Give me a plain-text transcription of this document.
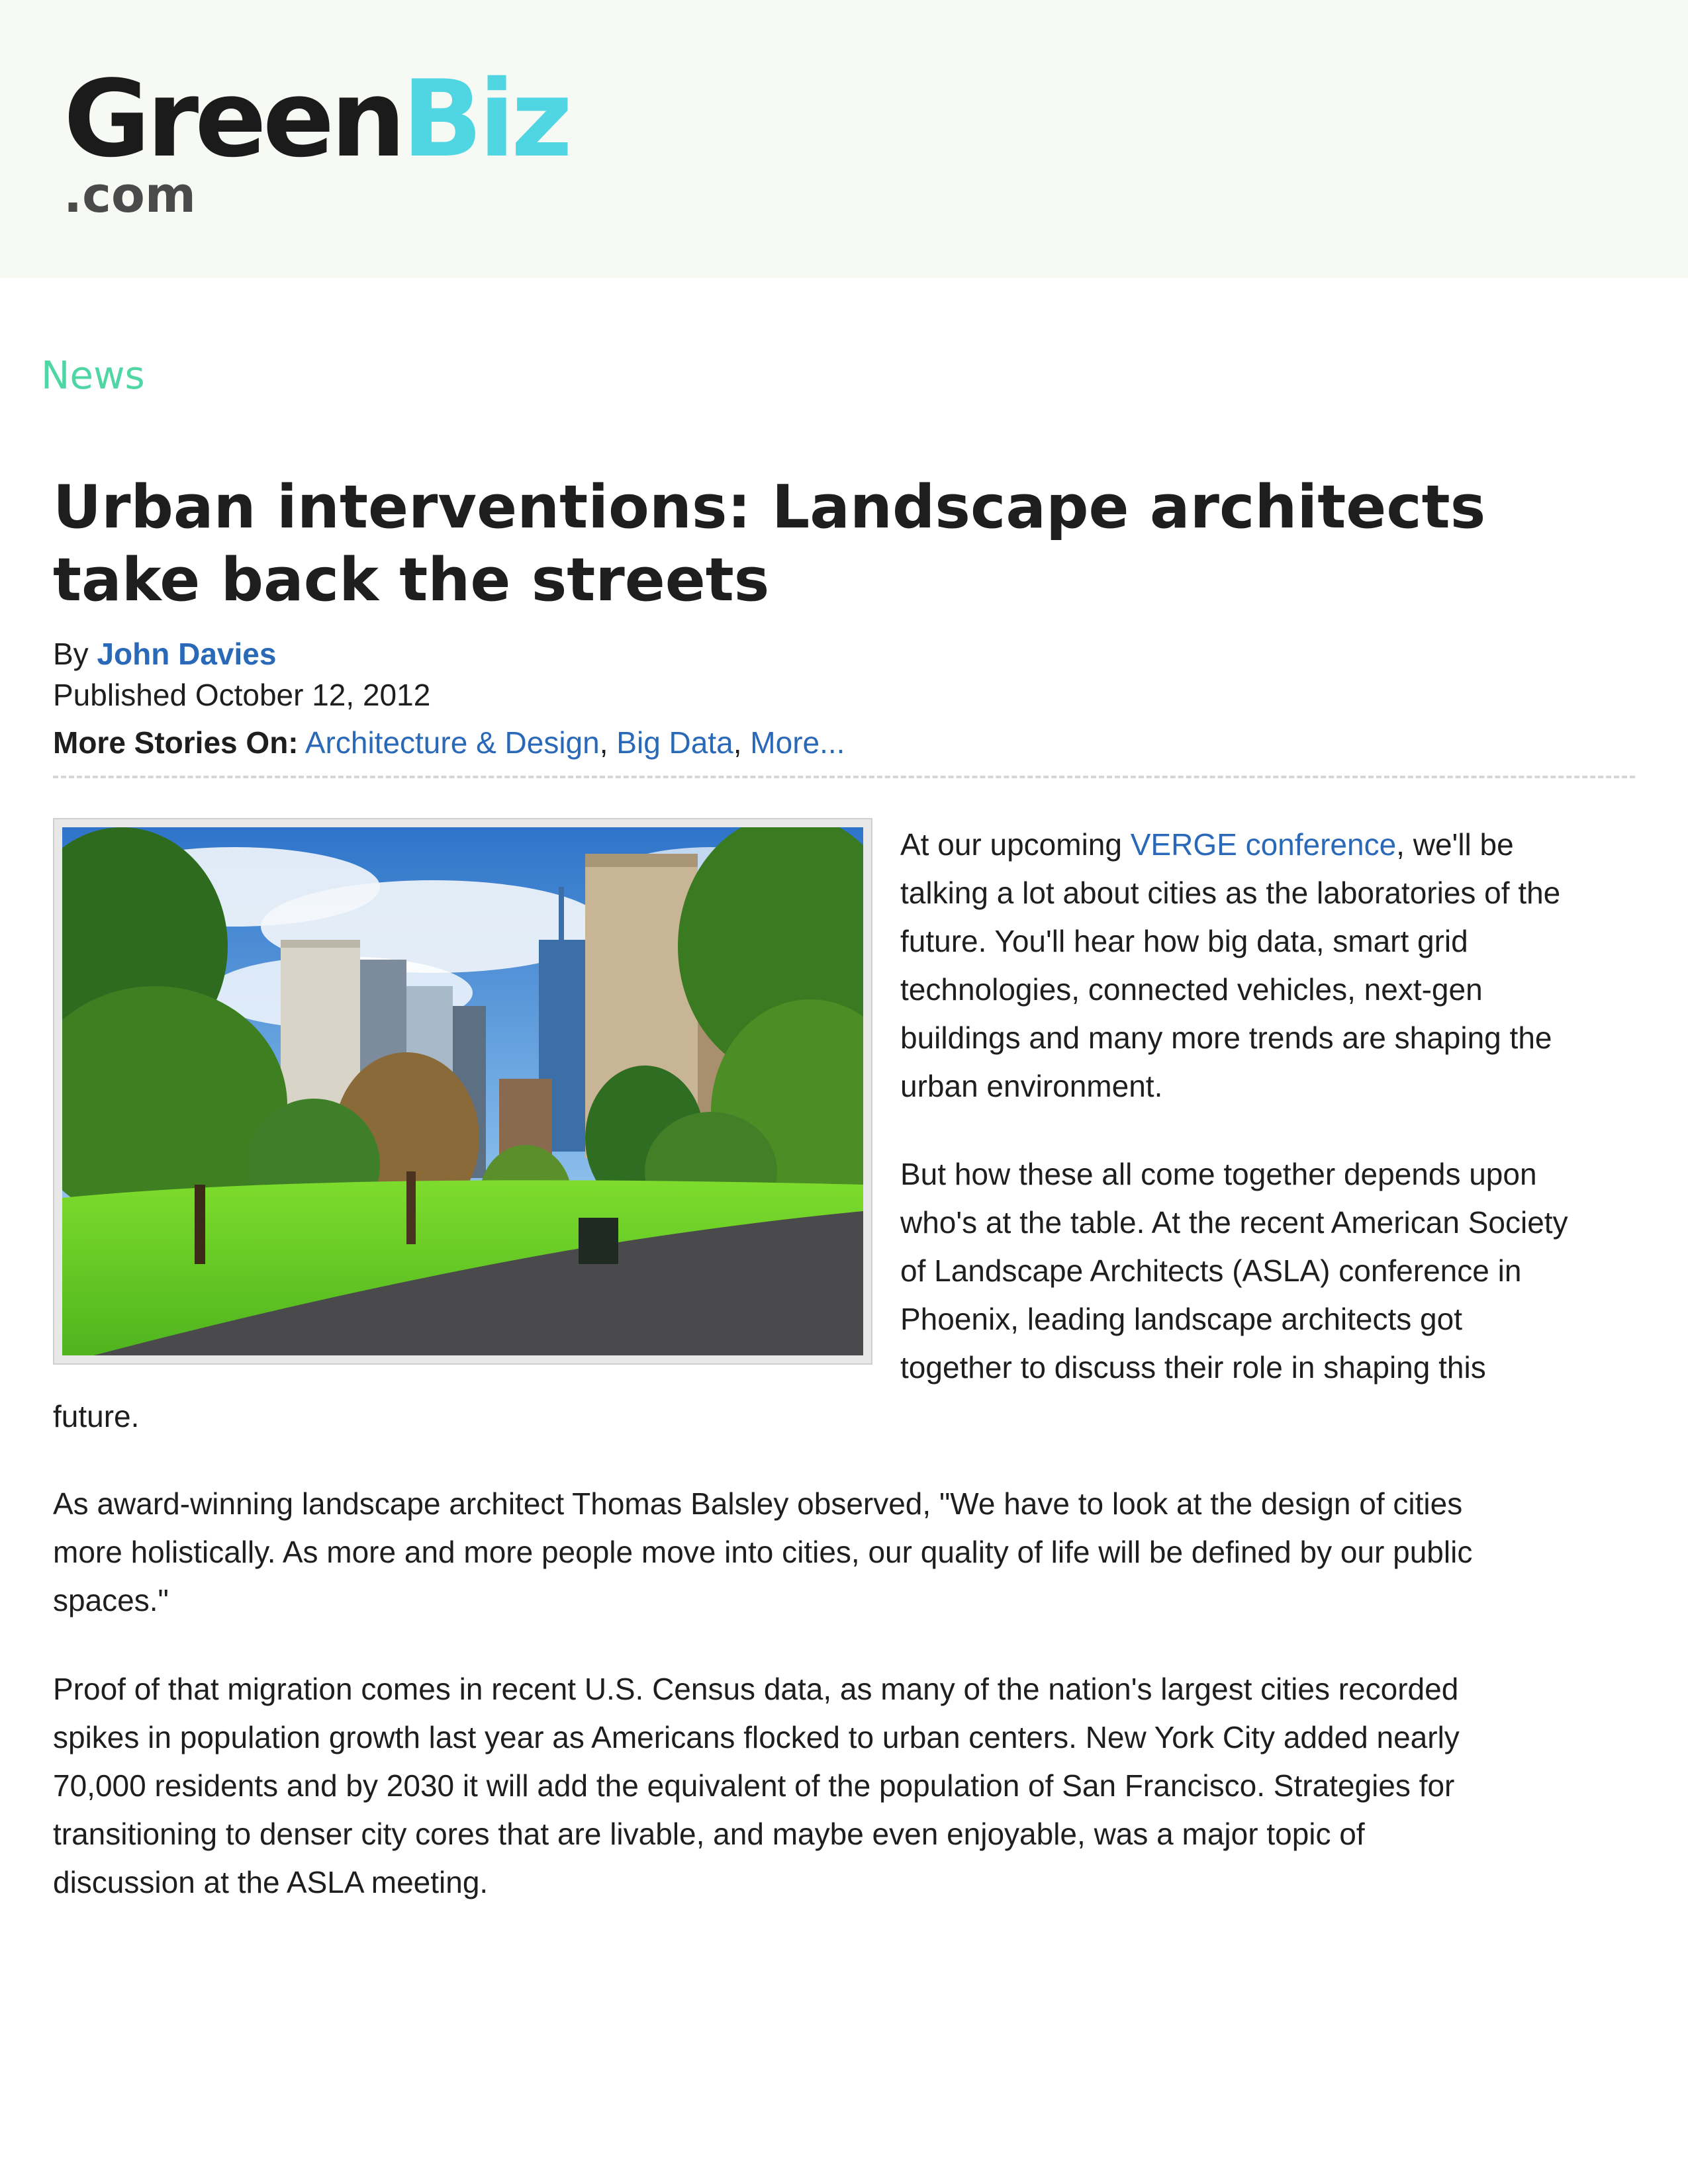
GreenBiz
.com
News
Urban interventions: Landscape architects take back the streets
By John Davies
Published October 12, 2012
More Stories On: Architecture & Design, Big Data, More...
At our upcoming VERGE conference, we'll be
talking a lot about cities as the laboratories of the
future. You'll hear how big data, smart grid
technologies, connected vehicles, next-gen
buildings and many more trends are shaping the
urban environment.
But how these all come together depends upon
who's at the table. At the recent American Society
of Landscape Architects (ASLA) conference in
Phoenix, leading landscape architects got
together to discuss their role in shaping this
future.
As award-winning landscape architect Thomas Balsley observed, "We have to look at the design of cities
more holistically. As more and more people move into cities, our quality of life will be defined by our public
spaces."
Proof of that migration comes in recent U.S. Census data, as many of the nation's largest cities recorded
spikes in population growth last year as Americans flocked to urban centers. New York City added nearly
70,000 residents and by 2030 it will add the equivalent of the population of San Francisco. Strategies for
transitioning to denser city cores that are livable, and maybe even enjoyable, was a major topic of
discussion at the ASLA meeting.
